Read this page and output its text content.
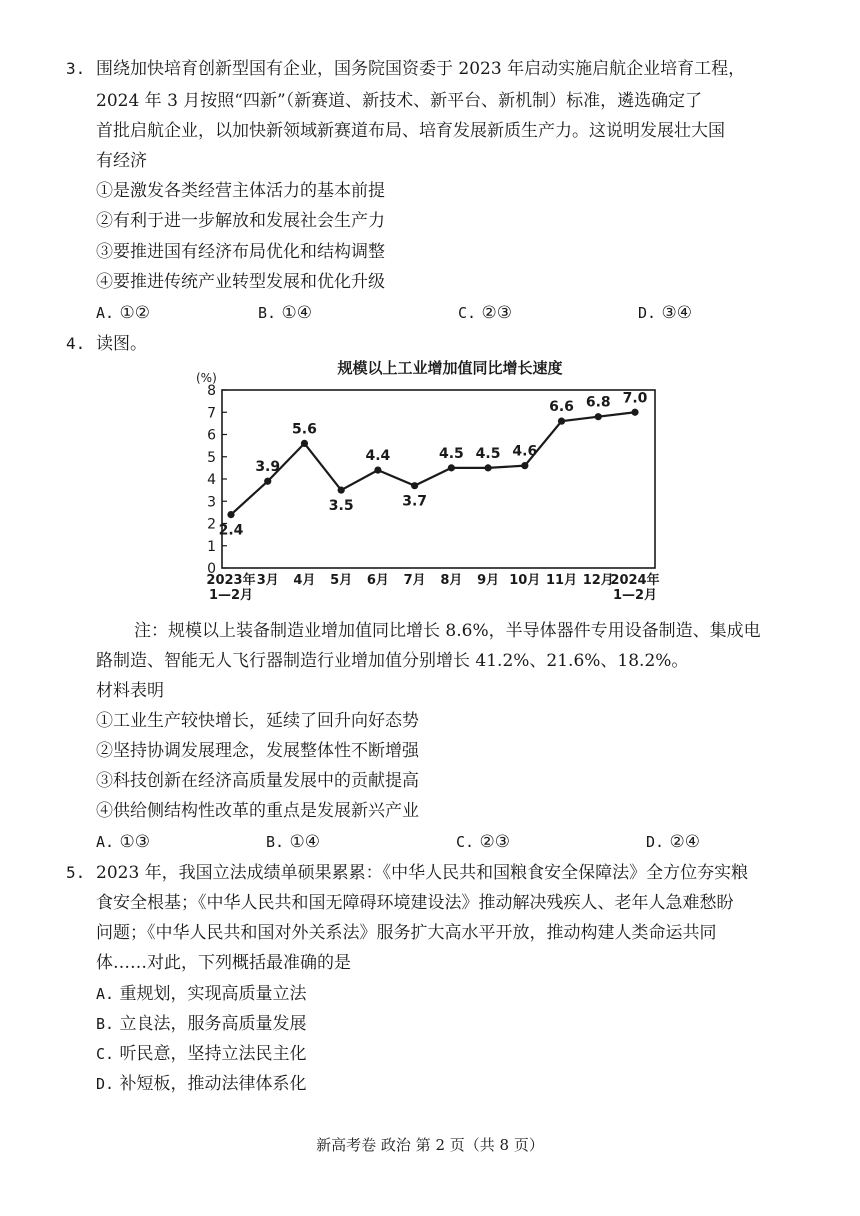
3. 围绕加快培育创新型国有企业，国务院国资委于 2023 年启动实施启航企业培育工程，
2024 年 3 月按照“四新”（新赛道、新技术、新平台、新机制）标准，遴选确定了
首批启航企业，以加快新领域新赛道布局、培育发展新质生产力。这说明发展壮大国
有经济
①是激发各类经营主体活力的基本前提
②有利于进一步解放和发展社会生产力
③要推进国有经济布局优化和结构调整
④要推进传统产业转型发展和优化升级
A. ①②	B. ①④	C. ②③	D. ③④
4. 读图。
规模以上工业增加值同比增长速度
(%)
0
1
2
3
4
5
6
7
8
2023年
1—2月
3月 4月 5月 6月 7月 8月 9月 10月 11月 12月
2024年
1—2月
2.4
3.9
5.6
3.5
4.4
3.7
4.5 4.5 4.6
6.6 6.8 7.0
注：规模以上装备制造业增加值同比增长 8.6%，半导体器件专用设备制造、集成电
路制造、智能无人飞行器制造行业增加值分别增长 41.2%、21.6%、18.2%。
材料表明
①工业生产较快增长，延续了回升向好态势
②坚持协调发展理念，发展整体性不断增强
③科技创新在经济高质量发展中的贡献提高
④供给侧结构性改革的重点是发展新兴产业
A. ①③	B. ①④	C. ②③	D. ②④
5. 2023 年，我国立法成绩单硕果累累：《中华人民共和国粮食安全保障法》全方位夯实粮
食安全根基；《中华人民共和国无障碍环境建设法》推动解决残疾人、老年人急难愁盼
问题；《中华人民共和国对外关系法》服务扩大高水平开放，推动构建人类命运共同
体……对此，下列概括最准确的是
A. 重规划，实现高质量立法
B. 立良法，服务高质量发展
C. 听民意，坚持立法民主化
D. 补短板，推动法律体系化
新高考卷 政治 第 2 页（共 8 页）
